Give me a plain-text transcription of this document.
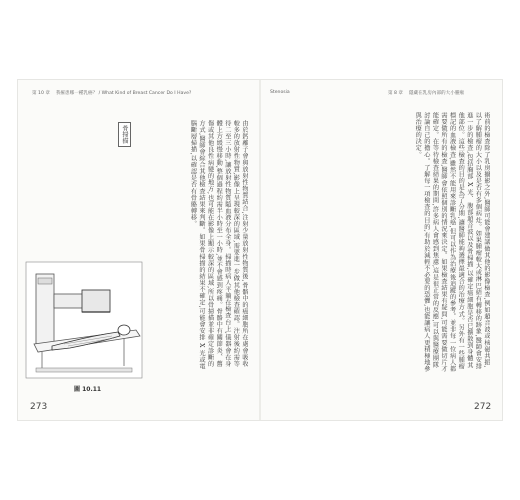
第 10 章 我罹患哪一種乳癌？ / What Kind of Breast Cancer Do I Have?
由於鈣離子會與放射性物質結合,注射少量放射性物質後,骨骼中的癌細胞所在處會吸收較多的放射性物質,影像上呈現較深的區域,需要進一步做其他檢查確認。注射後約需等待二至三小時,讓放射性物質隨血液分布全身。掃描時病人平躺在檢查台上,儀器會在身體上方緩慢移動,整個過程約需半小時至一小時,並不會感到疼痛。骨骼中有關節炎、舊傷或其他良性病變的地方,也可能在影像上顯示較深的區域,所以骨掃描並非確定診斷的方式,醫師會綜合其他檢查結果來判斷。如果骨掃描的結果不確定,可能會安排 X 光或電腦斷層掃描,以確認是否有骨骼轉移。
骨掃描
圖 10.11
273
Stenosia	第 8 章 隱藏在乳房內部的大小腫瘤
術前的檢查除了乳房攝影之外,醫師可能會建議做其他的影像檢查,例如超音波或核磁共振,以了解腫瘤的大小以及是否有多個病灶。如果腫瘤較大或淋巴結有轉移的跡象,醫師會安排進一步的檢查,包括胸部 X 光、腹部超音波以及骨掃描,以確定癌細胞是否已擴散到身體其他部位。這些檢查的目的是為了分期,讓醫師能夠選擇最適合的治療方式。另外有一些腫瘤標記的血液檢查,雖然不能用來診斷乳癌,但可以作為治療後追蹤的參考。並非每一位病人都需要做所有的檢查,醫師會依照個別的情況來決定。如果檢查結果有疑問,可能需要做切片才能確定。在等待檢查結果的期間,許多病人會感到焦慮,這是很正常的反應,可以與醫療團隊討論自己的擔心。了解每一項檢查的目的,有助於減輕不必要的恐懼,也能讓病人更積極地參與治療的決定。
272
